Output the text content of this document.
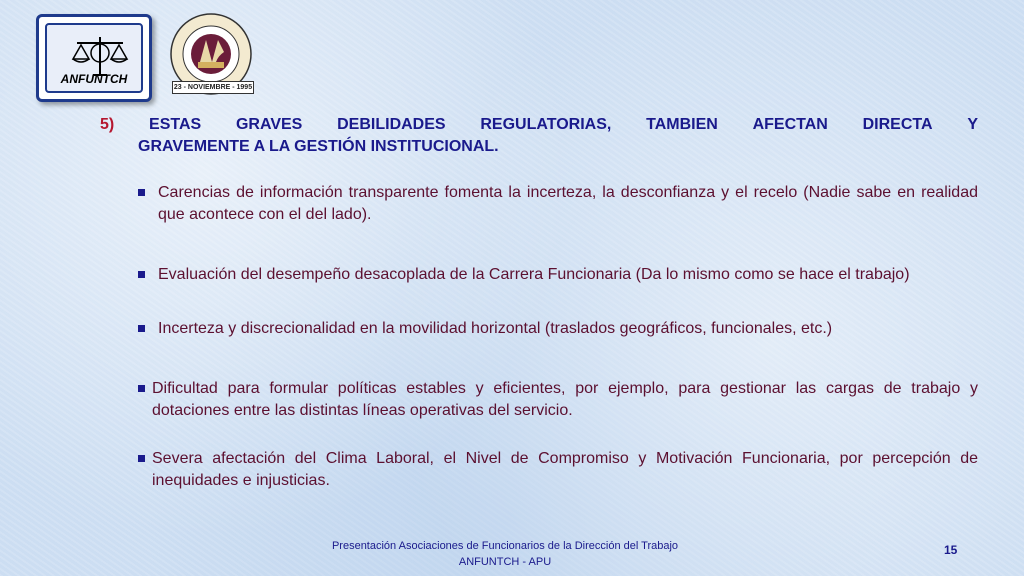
ANFUNTCH
23 - NOVIEMBRE - 1995
5) ESTAS GRAVES DEBILIDADES REGULATORIAS, TAMBIEN AFECTAN DIRECTA Y
GRAVEMENTE A LA GESTIÓN INSTITUCIONAL.
Carencias de información transparente fomenta la incerteza, la desconfianza y el recelo (Nadie sabe en realidad que acontece con el del lado).
Evaluación del desempeño desacoplada de la Carrera Funcionaria (Da lo mismo como se hace el trabajo)
Incerteza y discrecionalidad en la movilidad horizontal (traslados geográficos, funcionales, etc.)
Dificultad para formular políticas estables y eficientes, por ejemplo, para gestionar las cargas de trabajo y dotaciones entre las distintas líneas operativas del servicio.
Severa afectación del Clima Laboral, el Nivel de Compromiso y Motivación Funcionaria, por percepción de inequidades e injusticias.
Presentación Asociaciones de Funcionarios de la Dirección del Trabajo
ANFUNTCH - APU
15
